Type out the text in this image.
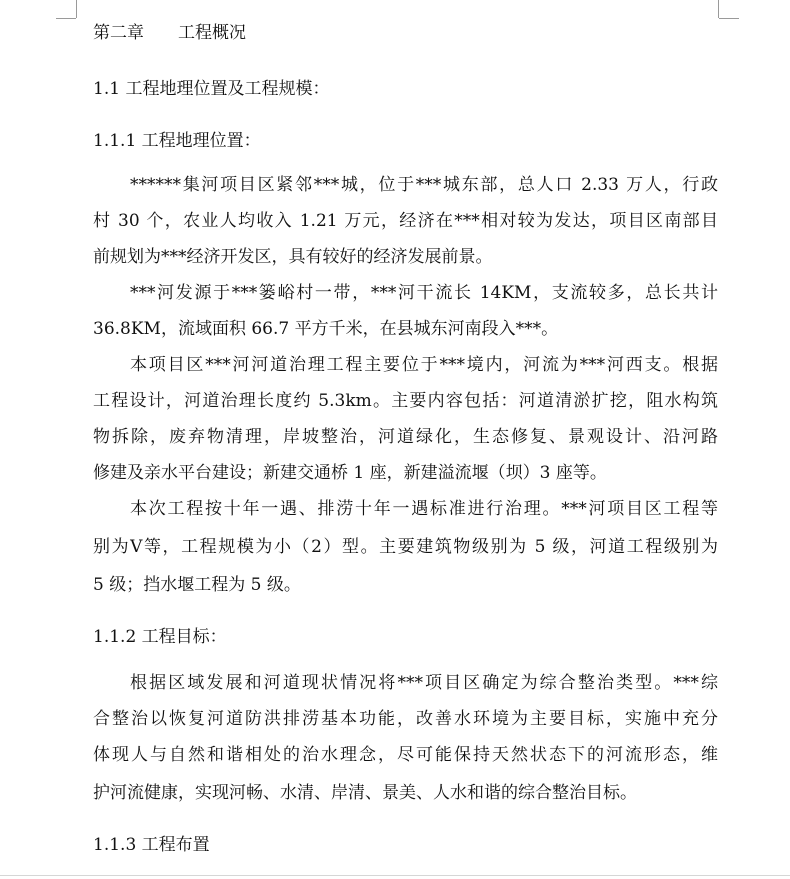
第二章　　工程概况
1.1 工程地理位置及工程规模：
1.1.1 工程地理位置：
******集河项目区紧邻***城，位于***城东部，总人口 2.33 万人，行政
村 30 个，农业人均收入 1.21 万元，经济在***相对较为发达，项目区南部目
前规划为***经济开发区，具有较好的经济发展前景。
***河发源于***篓峪村一带，***河干流长 14KM，支流较多，总长共计
36.8KM，流域面积 66.7 平方千米，在县城东河南段入***。
本项目区***河河道治理工程主要位于***境内，河流为***河西支。根据
工程设计，河道治理长度约 5.3km。主要内容包括：河道清淤扩挖，阻水构筑
物拆除，废弃物清理，岸坡整治，河道绿化，生态修复、景观设计、沿河路
修建及亲水平台建设；新建交通桥 1 座，新建溢流堰（坝）3 座等。
本次工程按十年一遇、排涝十年一遇标准进行治理。***河项目区工程等
别为Ⅴ等，工程规模为小（2）型。主要建筑物级别为 5 级，河道工程级别为
5 级；挡水堰工程为 5 级。
1.1.2 工程目标：
根据区域发展和河道现状情况将***项目区确定为综合整治类型。***综
合整治以恢复河道防洪排涝基本功能，改善水环境为主要目标，实施中充分
体现人与自然和谐相处的治水理念，尽可能保持天然状态下的河流形态，维
护河流健康，实现河畅、水清、岸清、景美、人水和谐的综合整治目标。
1.1.3 工程布置
